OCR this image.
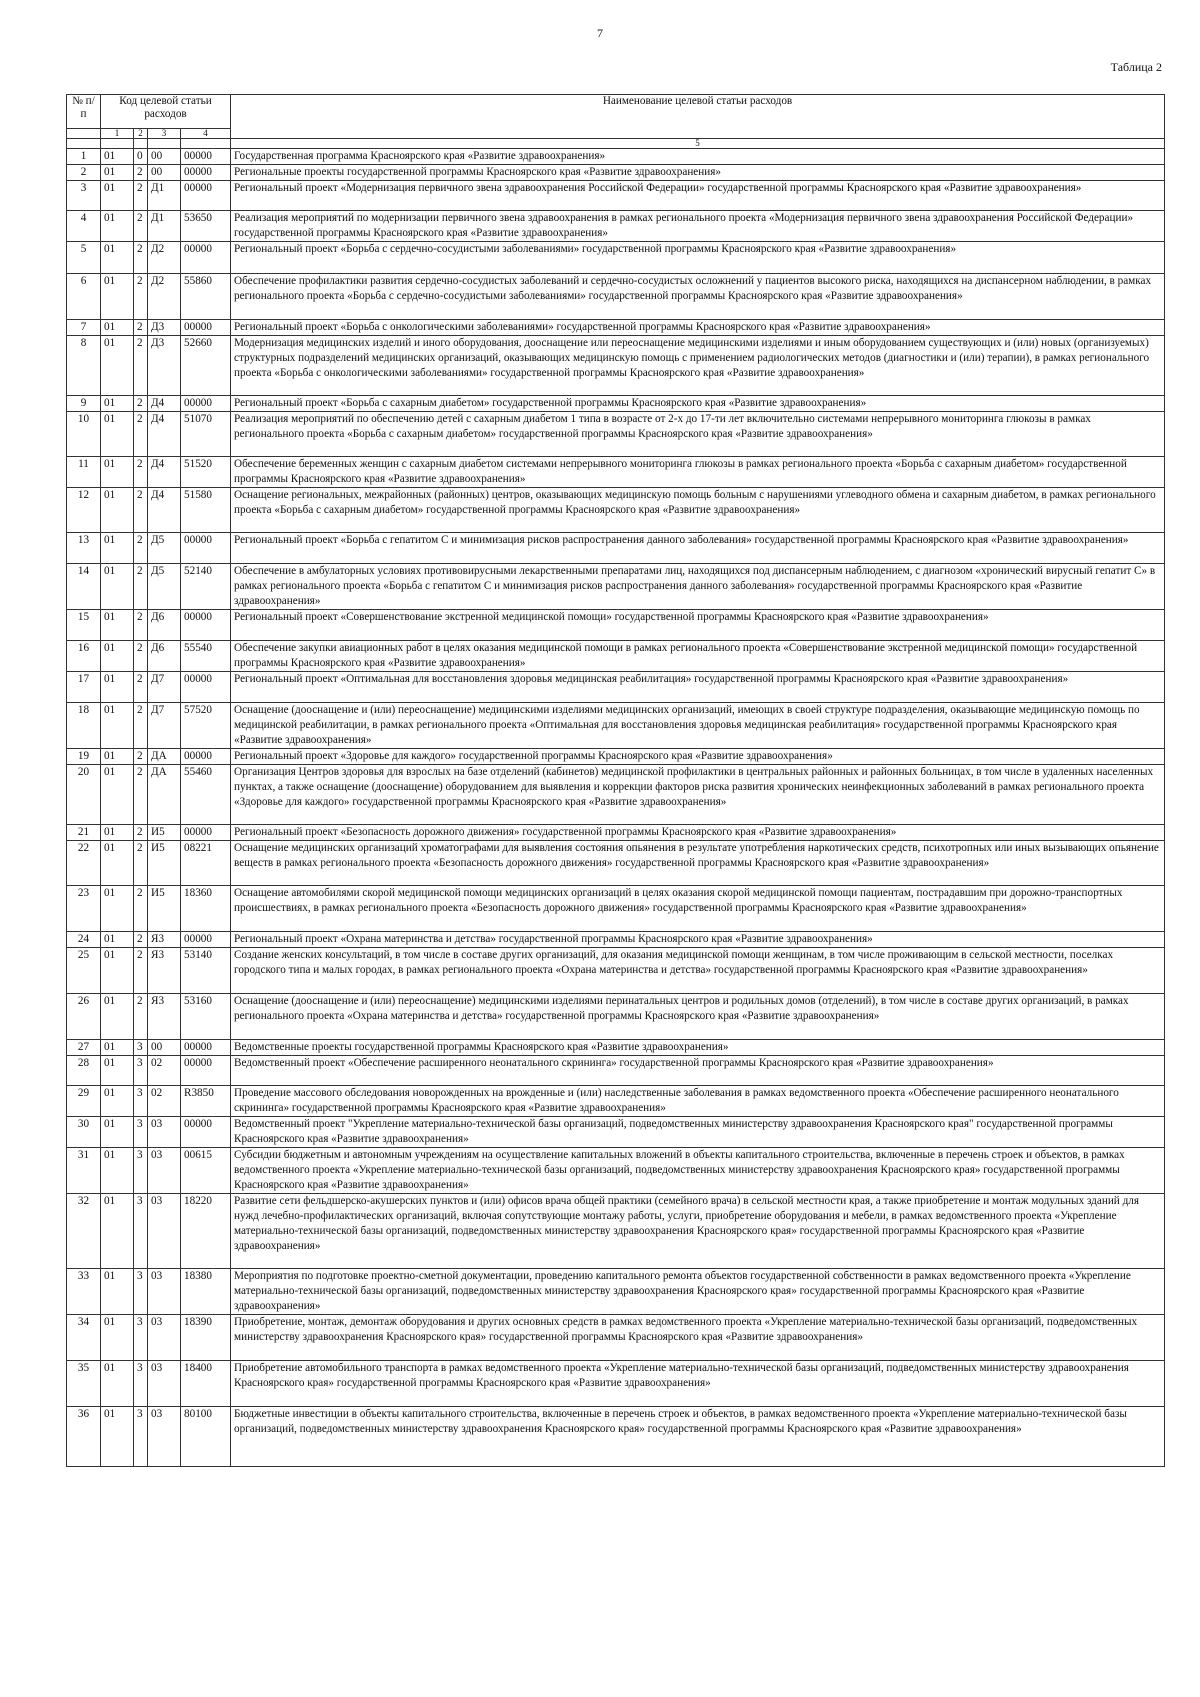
7
Таблица 2
№ п/п	Код целевой статьи расходов				Наименование целевой статьи расходов
	1	2	3	4	
					5
1	01	0	00	00000	Государственная программа Красноярского края «Развитие здравоохранения»
2	01	2	00	00000	Региональные проекты государственной программы Красноярского края «Развитие здравоохранения»
3	01	2	Д1	00000	Региональный проект «Модернизация первичного звена здравоохранения Российской Федерации» государственной программы Красноярского края «Развитие здравоохранения»
4	01	2	Д1	53650	Реализация мероприятий по модернизации первичного звена здравоохранения в рамках регионального проекта «Модернизация первичного звена здравоохранения Российской Федерации» государственной программы Красноярского края «Развитие здравоохранения»
5	01	2	Д2	00000	Региональный проект «Борьба с сердечно-сосудистыми заболеваниями» государственной программы Красноярского края «Развитие здравоохранения»
6	01	2	Д2	55860	Обеспечение профилактики развития сердечно-сосудистых заболеваний и сердечно-сосудистых осложнений у пациентов высокого риска, находящихся на диспансерном наблюдении, в рамках регионального проекта «Борьба с сердечно-сосудистыми заболеваниями» государственной программы Красноярского края «Развитие здравоохранения»
7	01	2	Д3	00000	Региональный проект «Борьба с онкологическими заболеваниями» государственной программы Красноярского края «Развитие здравоохранения»
8	01	2	Д3	52660	Модернизация медицинских изделий и иного оборудования, дооснащение или переоснащение медицинскими изделиями и иным оборудованием существующих и (или) новых (организуемых) структурных подразделений медицинских организаций, оказывающих медицинскую помощь с применением радиологических методов (диагностики и (или) терапии), в рамках регионального проекта «Борьба с онкологическими заболеваниями» государственной программы Красноярского края «Развитие здравоохранения»
9	01	2	Д4	00000	Региональный проект «Борьба с сахарным диабетом» государственной программы Красноярского края «Развитие здравоохранения»
10	01	2	Д4	51070	Реализация мероприятий по обеспечению детей с сахарным диабетом 1 типа в возрасте от 2-х до 17-ти лет включительно системами непрерывного мониторинга глюкозы в рамках регионального проекта «Борьба с сахарным диабетом» государственной программы Красноярского края «Развитие здравоохранения»
11	01	2	Д4	51520	Обеспечение беременных женщин с сахарным диабетом системами непрерывного мониторинга глюкозы в рамках регионального проекта «Борьба с сахарным диабетом» государственной программы Красноярского края «Развитие здравоохранения»
12	01	2	Д4	51580	Оснащение региональных, межрайонных (районных) центров, оказывающих медицинскую помощь больным с нарушениями углеводного обмена и сахарным диабетом, в рамках регионального проекта «Борьба с сахарным диабетом» государственной программы Красноярского края «Развитие здравоохранения»
13	01	2	Д5	00000	Региональный проект «Борьба с гепатитом С и минимизация рисков распространения данного заболевания» государственной программы Красноярского края «Развитие здравоохранения»
14	01	2	Д5	52140	Обеспечение в амбулаторных условиях противовирусными лекарственными препаратами лиц, находящихся под диспансерным наблюдением, с диагнозом «хронический вирусный гепатит С» в рамках регионального проекта «Борьба с гепатитом С и минимизация рисков распространения данного заболевания» государственной программы Красноярского края «Развитие здравоохранения»
15	01	2	Д6	00000	Региональный проект «Совершенствование экстренной медицинской помощи» государственной программы Красноярского края «Развитие здравоохранения»
16	01	2	Д6	55540	Обеспечение закупки авиационных работ в целях оказания медицинской помощи в рамках регионального проекта «Совершенствование экстренной медицинской помощи» государственной программы Красноярского края «Развитие здравоохранения»
17	01	2	Д7	00000	Региональный проект «Оптимальная для восстановления здоровья медицинская реабилитация» государственной программы Красноярского края «Развитие здравоохранения»
18	01	2	Д7	57520	Оснащение (дооснащение и (или) переоснащение) медицинскими изделиями медицинских организаций, имеющих в своей структуре подразделения, оказывающие медицинскую помощь по медицинской реабилитации, в рамках регионального проекта «Оптимальная для восстановления здоровья медицинская реабилитация» государственной программы Красноярского края «Развитие здравоохранения»
19	01	2	ДА	00000	Региональный проект «Здоровье для каждого» государственной программы Красноярского края «Развитие здравоохранения»
20	01	2	ДА	55460	Организация Центров здоровья для взрослых на базе отделений (кабинетов) медицинской профилактики в центральных районных и районных больницах, в том числе в удаленных населенных пунктах, а также оснащение (дооснащение) оборудованием для выявления и коррекции факторов риска развития хронических неинфекционных заболеваний в рамках регионального проекта «Здоровье для каждого» государственной программы Красноярского края «Развитие здравоохранения»
21	01	2	И5	00000	Региональный проект «Безопасность дорожного движения» государственной программы Красноярского края «Развитие здравоохранения»
22	01	2	И5	08221	Оснащение медицинских организаций хроматографами для выявления состояния опьянения в результате употребления наркотических средств, психотропных или иных вызывающих опьянение веществ в рамках регионального проекта «Безопасность дорожного движения» государственной программы Красноярского края «Развитие здравоохранения»
23	01	2	И5	18360	Оснащение автомобилями скорой медицинской помощи медицинских организаций в целях оказания скорой медицинской помощи пациентам, пострадавшим при дорожно-транспортных происшествиях, в рамках регионального проекта «Безопасность дорожного движения» государственной программы Красноярского края «Развитие здравоохранения»
24	01	2	Я3	00000	Региональный проект «Охрана материнства и детства» государственной программы Красноярского края «Развитие здравоохранения»
25	01	2	Я3	53140	Создание женских консультаций, в том числе в составе других организаций, для оказания медицинской помощи женщинам, в том числе проживающим в сельской местности, поселках городского типа и малых городах, в рамках регионального проекта «Охрана материнства и детства» государственной программы Красноярского края «Развитие здравоохранения»
26	01	2	Я3	53160	Оснащение (дооснащение и (или) переоснащение) медицинскими изделиями перинатальных центров и родильных домов (отделений), в том числе в составе других организаций, в рамках регионального проекта «Охрана материнства и детства» государственной программы Красноярского края «Развитие здравоохранения»
27	01	3	00	00000	Ведомственные проекты государственной программы Красноярского края «Развитие здравоохранения»
28	01	3	02	00000	Ведомственный проект «Обеспечение расширенного неонатального скрининга» государственной программы Красноярского края «Развитие здравоохранения»
29	01	3	02	R3850	Проведение массового обследования новорожденных на врожденные и (или) наследственные заболевания в рамках ведомственного проекта «Обеспечение расширенного неонатального скрининга» государственной программы Красноярского края «Развитие здравоохранения»
30	01	3	03	00000	Ведомственный проект "Укрепление материально-технической базы организаций, подведомственных министерству здравоохранения Красноярского края" государственной программы Красноярского края «Развитие здравоохранения»
31	01	3	03	00615	Субсидии бюджетным и автономным учреждениям на осуществление капитальных вложений в объекты капитального строительства, включенные в перечень строек и объектов, в рамках ведомственного проекта «Укрепление материально-технической базы организаций, подведомственных министерству здравоохранения Красноярского края» государственной программы Красноярского края «Развитие здравоохранения»
32	01	3	03	18220	Развитие сети фельдшерско-акушерских пунктов и (или) офисов врача общей практики (семейного врача) в сельской местности края, а также приобретение и монтаж модульных зданий для нужд лечебно-профилактических организаций, включая сопутствующие монтажу работы, услуги, приобретение оборудования и мебели, в рамках ведомственного проекта «Укрепление материально-технической базы организаций, подведомственных министерству здравоохранения Красноярского края» государственной программы Красноярского края «Развитие здравоохранения»
33	01	3	03	18380	Мероприятия по подготовке проектно-сметной документации, проведению капитального ремонта объектов государственной собственности в рамках ведомственного проекта «Укрепление материально-технической базы организаций, подведомственных министерству здравоохранения Красноярского края» государственной программы Красноярского края «Развитие здравоохранения»
34	01	3	03	18390	Приобретение, монтаж, демонтаж оборудования и других основных средств в рамках ведомственного проекта «Укрепление материально-технической базы организаций, подведомственных министерству здравоохранения Красноярского края» государственной программы Красноярского края «Развитие здравоохранения»
35	01	3	03	18400	Приобретение автомобильного транспорта в рамках ведомственного проекта «Укрепление материально-технической базы организаций, подведомственных министерству здравоохранения Красноярского края» государственной программы Красноярского края «Развитие здравоохранения»
36	01	3	03	80100	Бюджетные инвестиции в объекты капитального строительства, включенные в перечень строек и объектов, в рамках ведомственного проекта «Укрепление материально-технической базы организаций, подведомственных министерству здравоохранения Красноярского края» государственной программы Красноярского края «Развитие здравоохранения»
